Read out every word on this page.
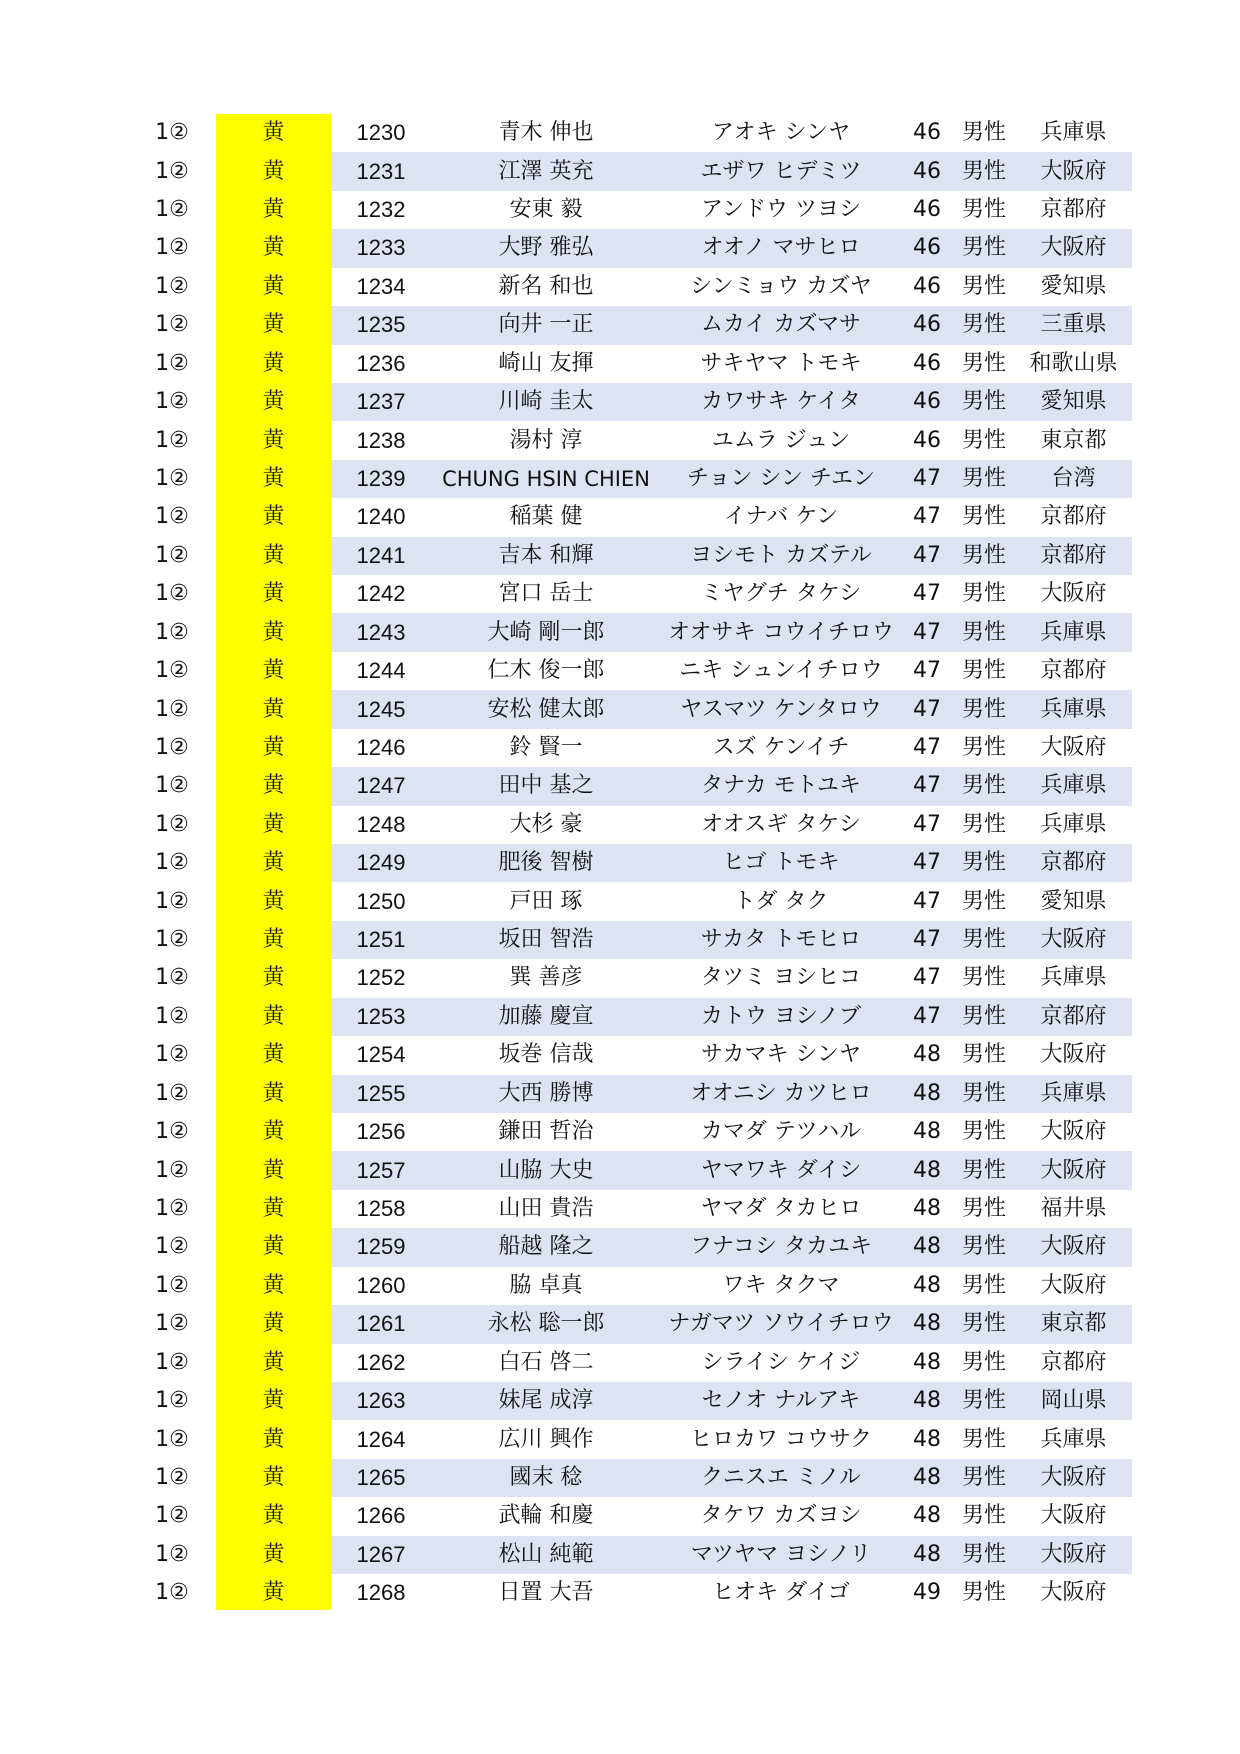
1②	黄	1230	青木 伸也	アオキ シンヤ	46	男性	兵庫県
1②	黄	1231	江澤 英充	エザワ ヒデミツ	46	男性	大阪府
1②	黄	1232	安東 毅	アンドウ ツヨシ	46	男性	京都府
1②	黄	1233	大野 雅弘	オオノ マサヒロ	46	男性	大阪府
1②	黄	1234	新名 和也	シンミョウ カズヤ	46	男性	愛知県
1②	黄	1235	向井 一正	ムカイ カズマサ	46	男性	三重県
1②	黄	1236	崎山 友揮	サキヤマ トモキ	46	男性	和歌山県
1②	黄	1237	川崎 圭太	カワサキ ケイタ	46	男性	愛知県
1②	黄	1238	湯村 淳	ユムラ ジュン	46	男性	東京都
1②	黄	1239	CHUNG HSIN CHIEN	チョン シン チエン	47	男性	台湾
1②	黄	1240	稲葉 健	イナバ ケン	47	男性	京都府
1②	黄	1241	吉本 和輝	ヨシモト カズテル	47	男性	京都府
1②	黄	1242	宮口 岳士	ミヤグチ タケシ	47	男性	大阪府
1②	黄	1243	大崎 剛一郎	オオサキ コウイチロウ	47	男性	兵庫県
1②	黄	1244	仁木 俊一郎	ニキ シュンイチロウ	47	男性	京都府
1②	黄	1245	安松 健太郎	ヤスマツ ケンタロウ	47	男性	兵庫県
1②	黄	1246	鈴 賢一	スズ ケンイチ	47	男性	大阪府
1②	黄	1247	田中 基之	タナカ モトユキ	47	男性	兵庫県
1②	黄	1248	大杉 豪	オオスギ タケシ	47	男性	兵庫県
1②	黄	1249	肥後 智樹	ヒゴ トモキ	47	男性	京都府
1②	黄	1250	戸田 琢	トダ タク	47	男性	愛知県
1②	黄	1251	坂田 智浩	サカタ トモヒロ	47	男性	大阪府
1②	黄	1252	巽 善彦	タツミ ヨシヒコ	47	男性	兵庫県
1②	黄	1253	加藤 慶宣	カトウ ヨシノブ	47	男性	京都府
1②	黄	1254	坂巻 信哉	サカマキ シンヤ	48	男性	大阪府
1②	黄	1255	大西 勝博	オオニシ カツヒロ	48	男性	兵庫県
1②	黄	1256	鎌田 哲治	カマダ テツハル	48	男性	大阪府
1②	黄	1257	山脇 大史	ヤマワキ ダイシ	48	男性	大阪府
1②	黄	1258	山田 貴浩	ヤマダ タカヒロ	48	男性	福井県
1②	黄	1259	船越 隆之	フナコシ タカユキ	48	男性	大阪府
1②	黄	1260	脇 卓真	ワキ タクマ	48	男性	大阪府
1②	黄	1261	永松 聡一郎	ナガマツ ソウイチロウ	48	男性	東京都
1②	黄	1262	白石 啓二	シライシ ケイジ	48	男性	京都府
1②	黄	1263	妹尾 成淳	セノオ ナルアキ	48	男性	岡山県
1②	黄	1264	広川 興作	ヒロカワ コウサク	48	男性	兵庫県
1②	黄	1265	國末 稔	クニスエ ミノル	48	男性	大阪府
1②	黄	1266	武輪 和慶	タケワ カズヨシ	48	男性	大阪府
1②	黄	1267	松山 純範	マツヤマ ヨシノリ	48	男性	大阪府
1②	黄	1268	日置 大吾	ヒオキ ダイゴ	49	男性	大阪府
